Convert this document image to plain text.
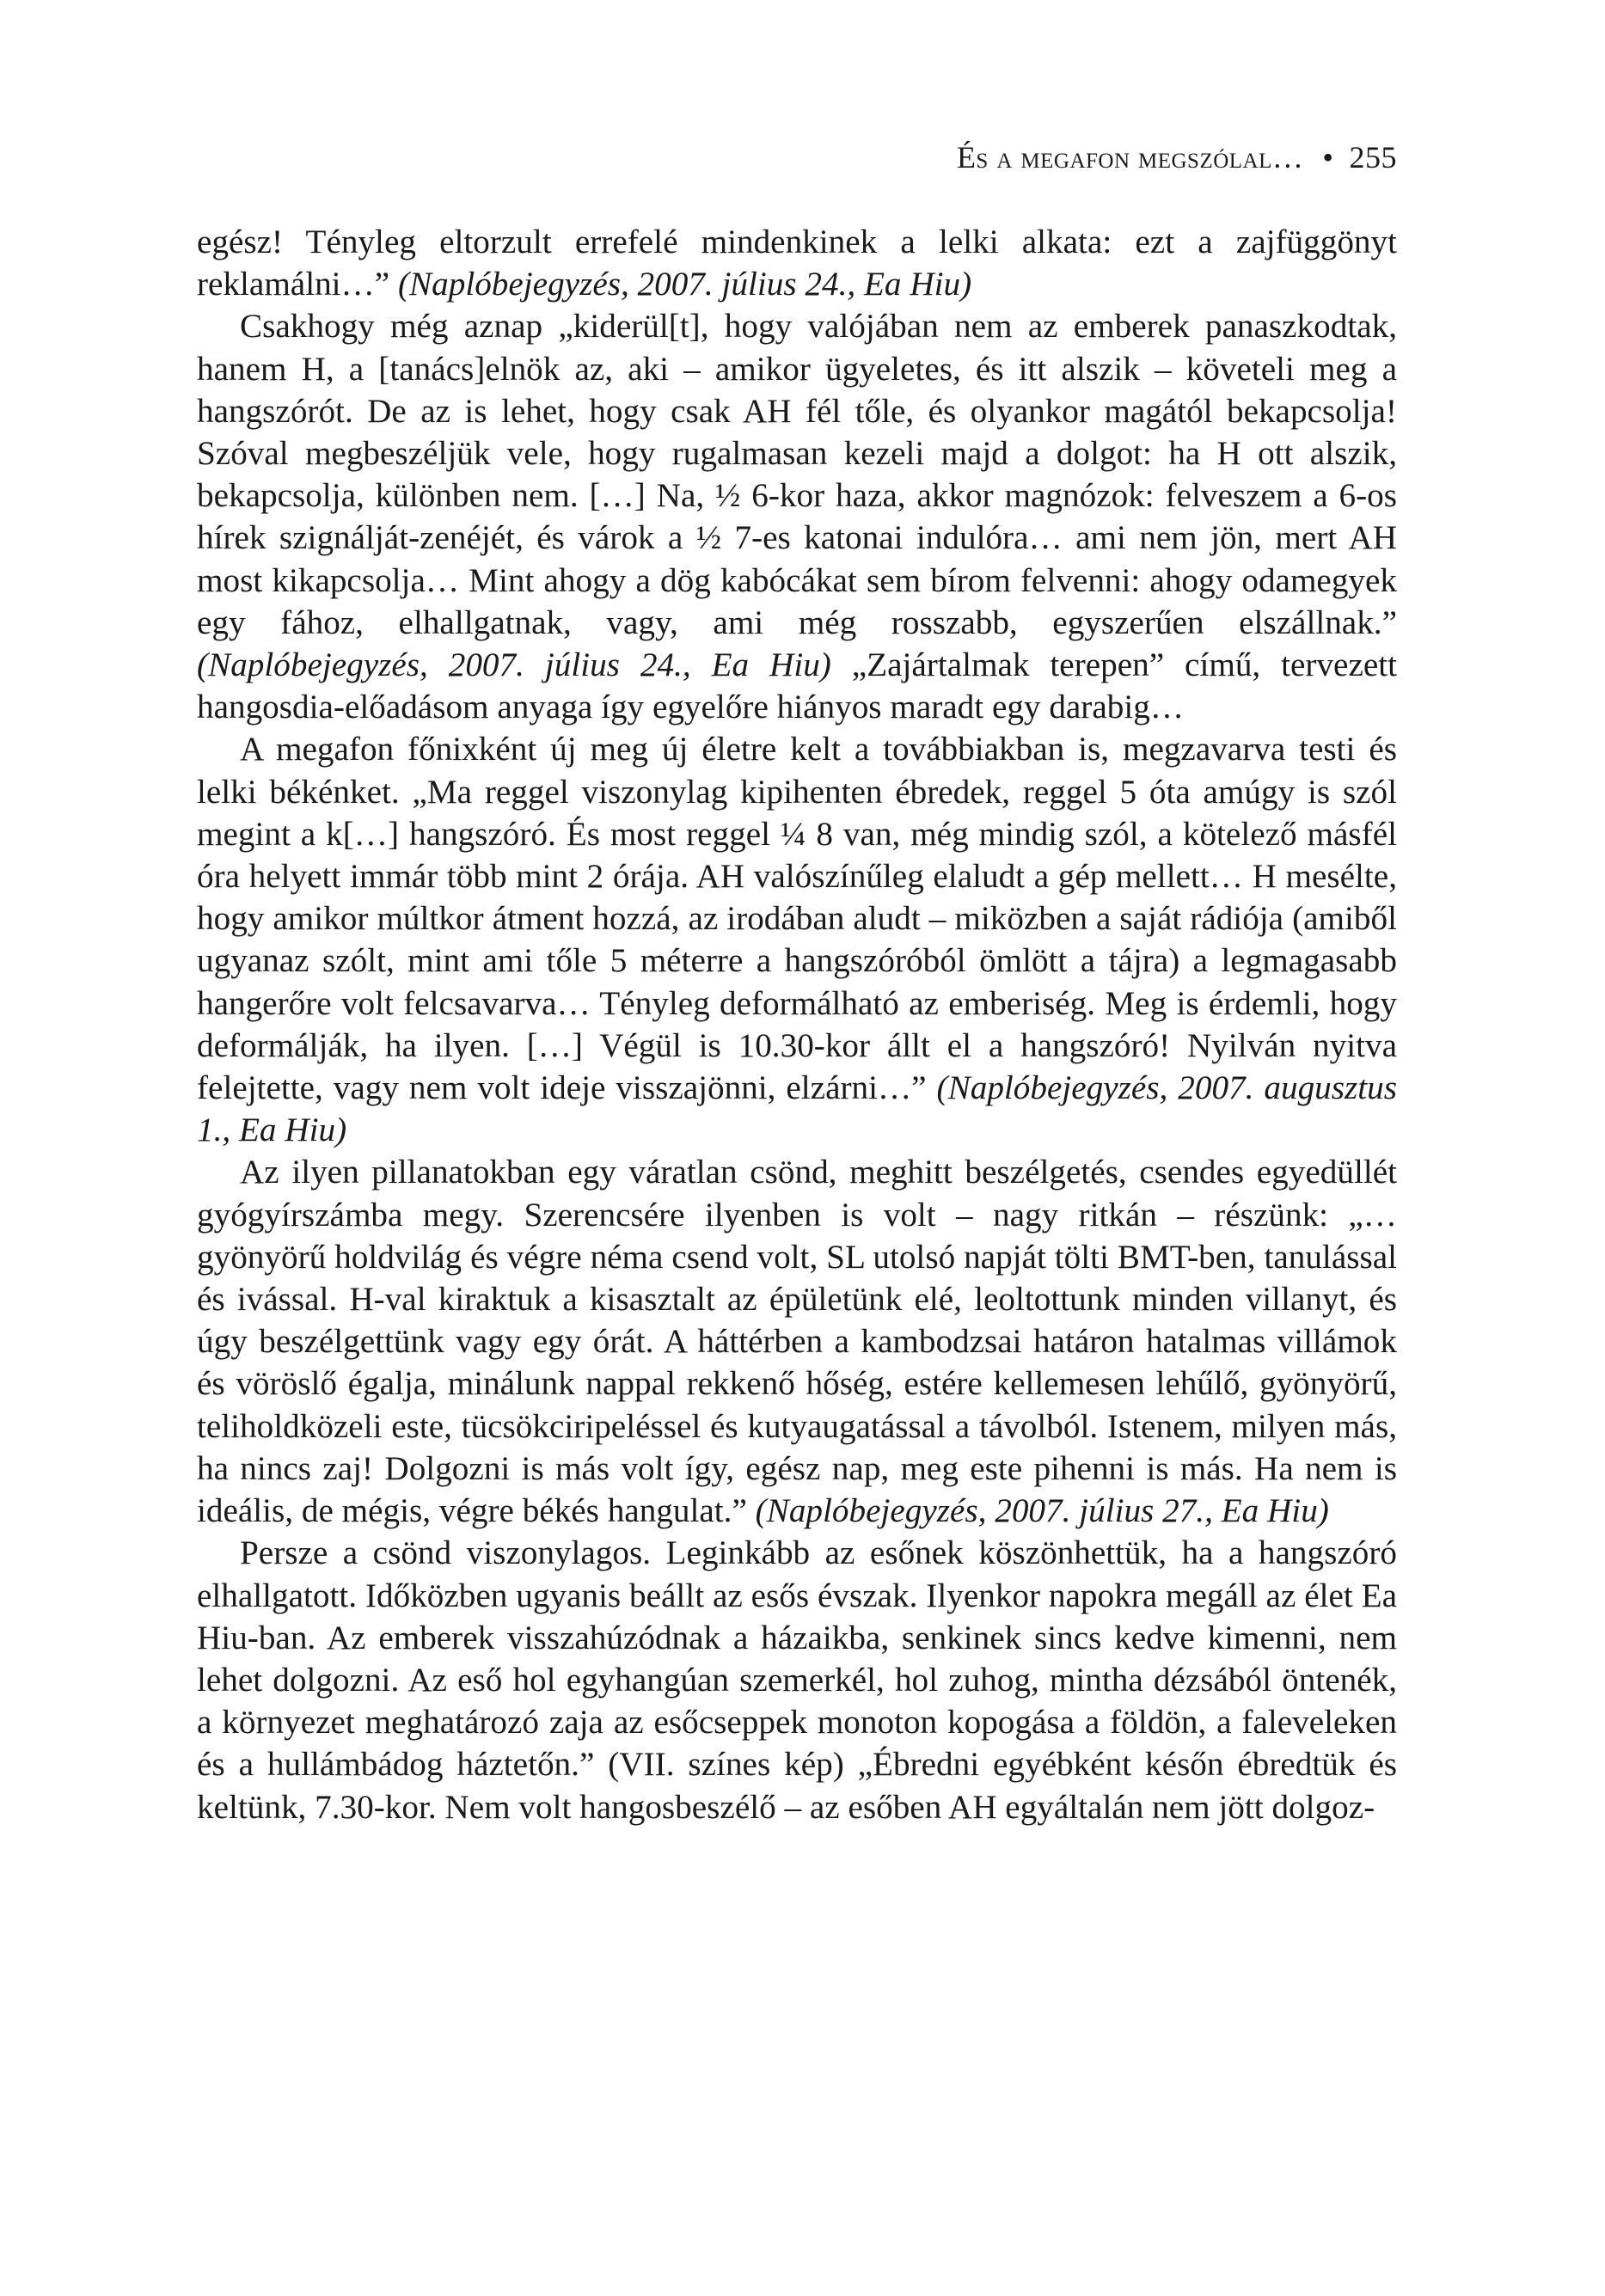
És a megafon megszólal… • 255

egész! Tényleg eltorzult errefelé mindenkinek a lelki alkata: ezt a zajfüggönyt reklamálni…” (Naplóbejegyzés, 2007. július 24., Ea Hiu)

Csakhogy még aznap „kiderül[t], hogy valójában nem az emberek panaszkodtak, hanem H, a [tanács]elnök az, aki – amikor ügyeletes, és itt alszik – követeli meg a hangszórót. De az is lehet, hogy csak AH fél tőle, és olyankor magától bekapcsolja! Szóval megbeszéljük vele, hogy rugalmasan kezeli majd a dolgot: ha H ott alszik, bekapcsolja, különben nem. […] Na, ½ 6-kor haza, akkor magnózok: felveszem a 6-os hírek szignálját-zenéjét, és várok a ½ 7-es katonai indulóra… ami nem jön, mert AH most kikapcsolja… Mint ahogy a dög kabócákat sem bírom felvenni: ahogy odamegyek egy fához, elhallgatnak, vagy, ami még rosszabb, egyszerűen elszállnak.” (Naplóbejegyzés, 2007. július 24., Ea Hiu) „Zajártalmak terepen” című, tervezett hangosdia-előadásom anyaga így egyelőre hiányos maradt egy darabig…

A megafon főnixként új meg új életre kelt a továbbiakban is, megzavarva testi és lelki békénket. „Ma reggel viszonylag kipihenten ébredek, reggel 5 óta amúgy is szól megint a k[…] hangszóró. És most reggel ¼ 8 van, még mindig szól, a kötelező másfél óra helyett immár több mint 2 órája. AH valószínűleg elaludt a gép mellett… H mesélte, hogy amikor múltkor átment hozzá, az irodában aludt – miközben a saját rádiója (amiből ugyanaz szólt, mint ami tőle 5 méterre a hangszóróból ömlött a tájra) a legmagasabb hangerőre volt felcsavarva… Tényleg deformálható az emberiség. Meg is érdemli, hogy deformálják, ha ilyen. […] Végül is 10.30-kor állt el a hangszóró! Nyilván nyitva felejtette, vagy nem volt ideje visszajönni, elzárni…” (Naplóbejegyzés, 2007. augusztus 1., Ea Hiu)

Az ilyen pillanatokban egy váratlan csönd, meghitt beszélgetés, csendes egyedüllét gyógyírszámba megy. Szerencsére ilyenben is volt – nagy ritkán – részünk: „…gyönyörű holdvilág és végre néma csend volt, SL utolsó napját tölti BMT-ben, tanulással és ivással. H-val kiraktuk a kisasztalt az épületünk elé, leoltottunk minden villanyt, és úgy beszélgettünk vagy egy órát. A háttérben a kambodzsai határon hatalmas villámok és vöröslő égalja, minálunk nappal rekkenő hőség, estére kellemesen lehűlő, gyönyörű, teliholdközeli este, tücsökciripeléssel és kutyaugatással a távolból. Istenem, milyen más, ha nincs zaj! Dolgozni is más volt így, egész nap, meg este pihenni is más. Ha nem is ideális, de mégis, végre békés hangulat.” (Naplóbejegyzés, 2007. július 27., Ea Hiu)

Persze a csönd viszonylagos. Leginkább az esőnek köszönhettük, ha a hangszóró elhallgatott. Időközben ugyanis beállt az esős évszak. Ilyenkor napokra megáll az élet Ea Hiu-ban. Az emberek visszahúzódnak a házaikba, senkinek sincs kedve kimenni, nem lehet dolgozni. Az eső hol egyhangúan szemerkél, hol zuhog, mintha dézsából öntenék, a környezet meghatározó zaja az esőcseppek monoton kopogása a földön, a faleveleken és a hullámbádog háztetőn.” (VII. színes kép) „Ébredni egyébként későn ébredtük és keltünk, 7.30-kor. Nem volt hangosbeszélő – az esőben AH egyáltalán nem jött dolgoz-
